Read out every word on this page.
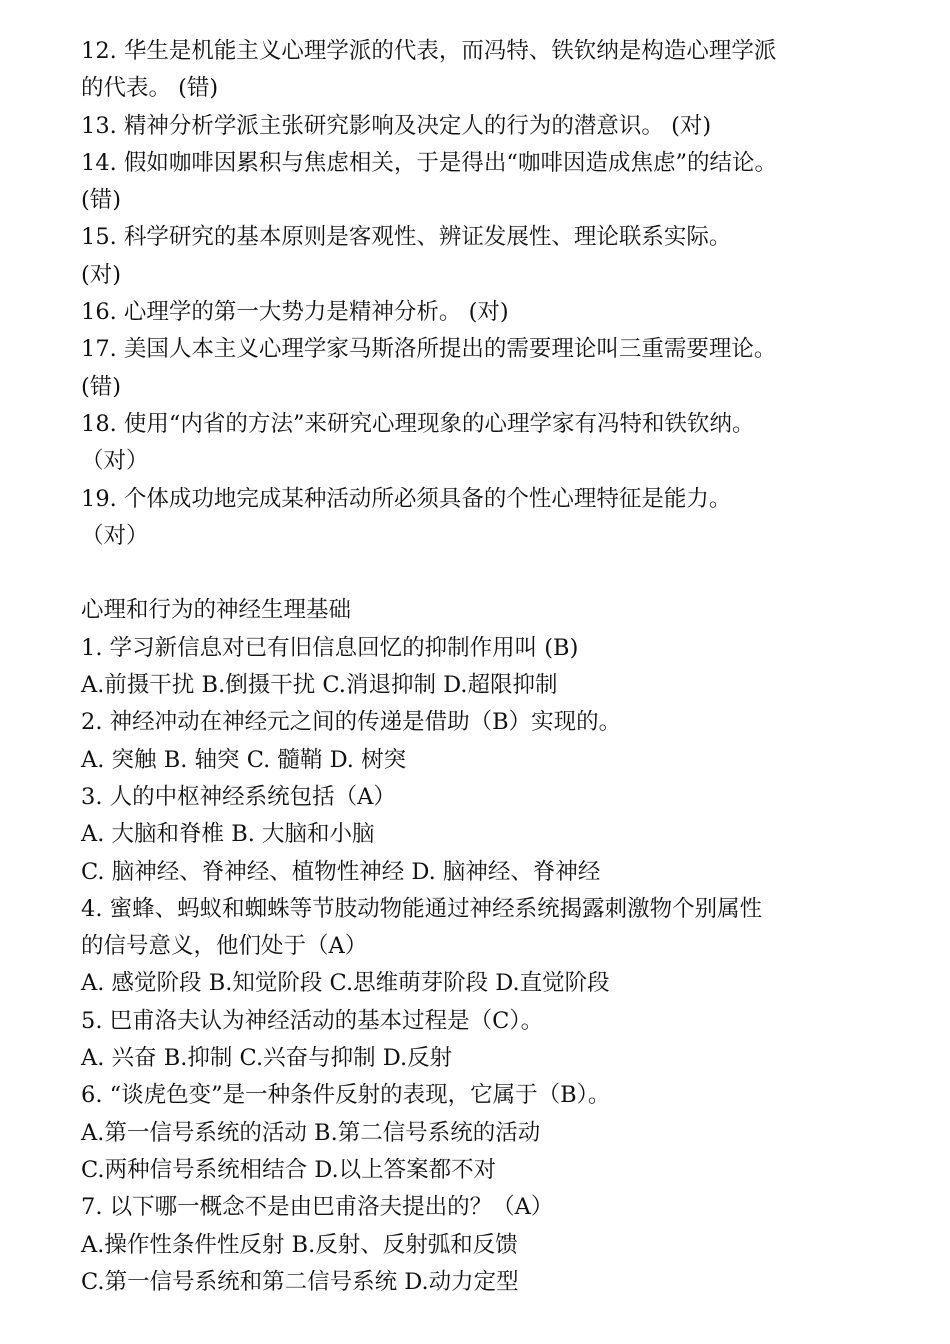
12. 华生是机能主义心理学派的代表，而冯特、铁钦纳是构造心理学派
的代表。 (错)
13. 精神分析学派主张研究影响及决定人的行为的潜意识。 (对)
14. 假如咖啡因累积与焦虑相关，于是得出“咖啡因造成焦虑”的结论。
(错)
15. 科学研究的基本原则是客观性、辨证发展性、理论联系实际。
(对)
16. 心理学的第一大势力是精神分析。 (对)
17. 美国人本主义心理学家马斯洛所提出的需要理论叫三重需要理论。
(错)
18. 使用“内省的方法”来研究心理现象的心理学家有冯特和铁钦纳。
（对）
19. 个体成功地完成某种活动所必须具备的个性心理特征是能力。
（对）
心理和行为的神经生理基础
1. 学习新信息对已有旧信息回忆的抑制作用叫 (B)
A.前摄干扰 B.倒摄干扰 C.消退抑制 D.超限抑制
2. 神经冲动在神经元之间的传递是借助（B）实现的。
A. 突触 B. 轴突 C. 髓鞘 D. 树突
3. 人的中枢神经系统包括（A）
A. 大脑和脊椎 B. 大脑和小脑
C. 脑神经、脊神经、植物性神经 D. 脑神经、脊神经
4. 蜜蜂、蚂蚁和蜘蛛等节肢动物能通过神经系统揭露刺激物个别属性
的信号意义，他们处于（A）
A. 感觉阶段 B.知觉阶段 C.思维萌芽阶段 D.直觉阶段
5. 巴甫洛夫认为神经活动的基本过程是（C）。
A. 兴奋 B.抑制 C.兴奋与抑制 D.反射
6. “谈虎色变”是一种条件反射的表现，它属于（B）。
A.第一信号系统的活动 B.第二信号系统的活动
C.两种信号系统相结合 D.以上答案都不对
7. 以下哪一概念不是由巴甫洛夫提出的？（A）
A.操作性条件性反射 B.反射、反射弧和反馈
C.第一信号系统和第二信号系统 D.动力定型
